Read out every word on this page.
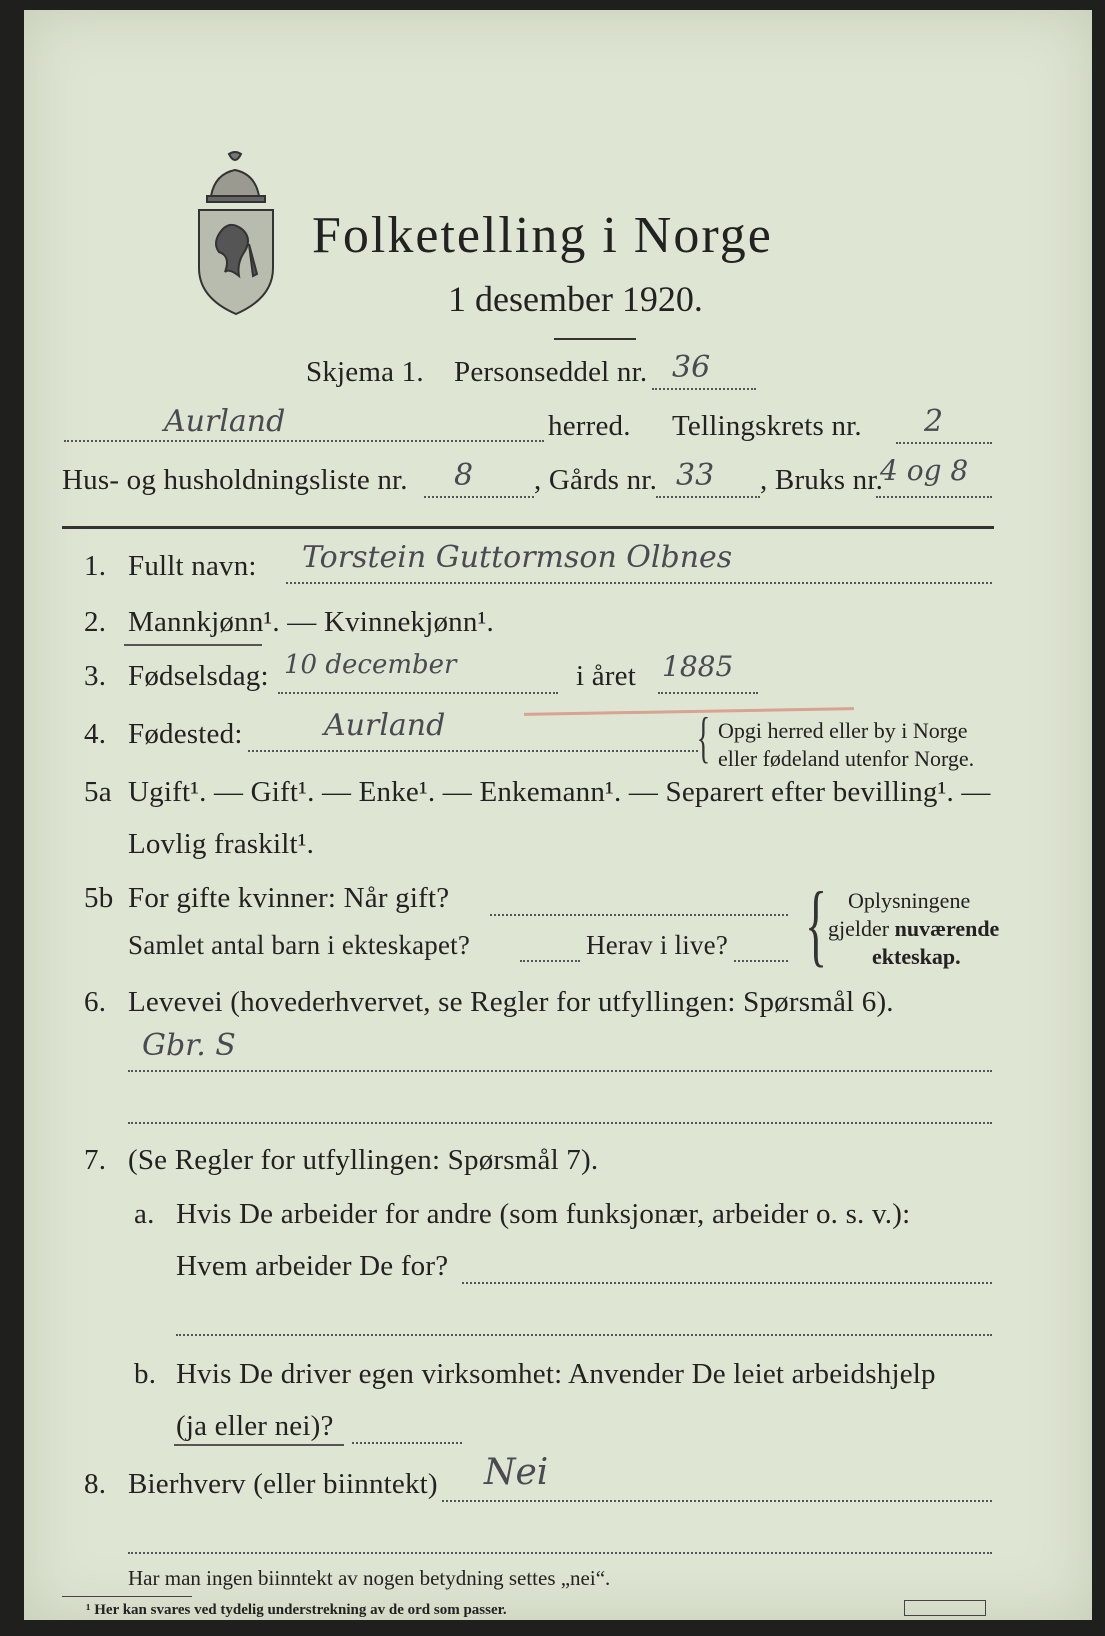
Folketelling i Norge
1 desember 1920.
Skjema 1. Personseddel nr. 36
Aurland	herred. Tellingskrets nr. 2
Hus- og husholdningsliste nr. 8 , Gårds nr. 33 , Bruks nr.
4 og 8
1. Fullt navn: Torstein Guttormson Olbnes
2. Mannkjønn¹. — Kvinnekjønn¹.
3. Fødselsdag: 10 december	i året 1885
4. Fødested:	Aurland	{ Opgi herred eller by i Norge
eller fødeland utenfor Norge.
5a Ugift¹. — Gift¹. — Enke¹. — Enkemann¹. — Separert efter bevilling¹. —
Lovlig fraskilt¹.
5b For gifte kvinner: Når gift?
Samlet antal barn i ekteskapet?	Herav i live? { Oplysningene
gjelder nuværende
ekteskap.
6. Levevei (hovederhvervet, se Regler for utfyllingen: Spørsmål 6).
Gbr. S
7. (Se Regler for utfyllingen: Spørsmål 7).
a. Hvis De arbeider for andre (som funksjonær, arbeider o. s. v.):
Hvem arbeider De for?
b. Hvis De driver egen virksomhet: Anvender De leiet arbeidshjelp
(ja eller nei)?
8. Bierhverv (eller biinntekt) Nei
Har man ingen biinntekt av nogen betydning settes „nei“.
¹ Her kan svares ved tydelig understrekning av de ord som passer.
